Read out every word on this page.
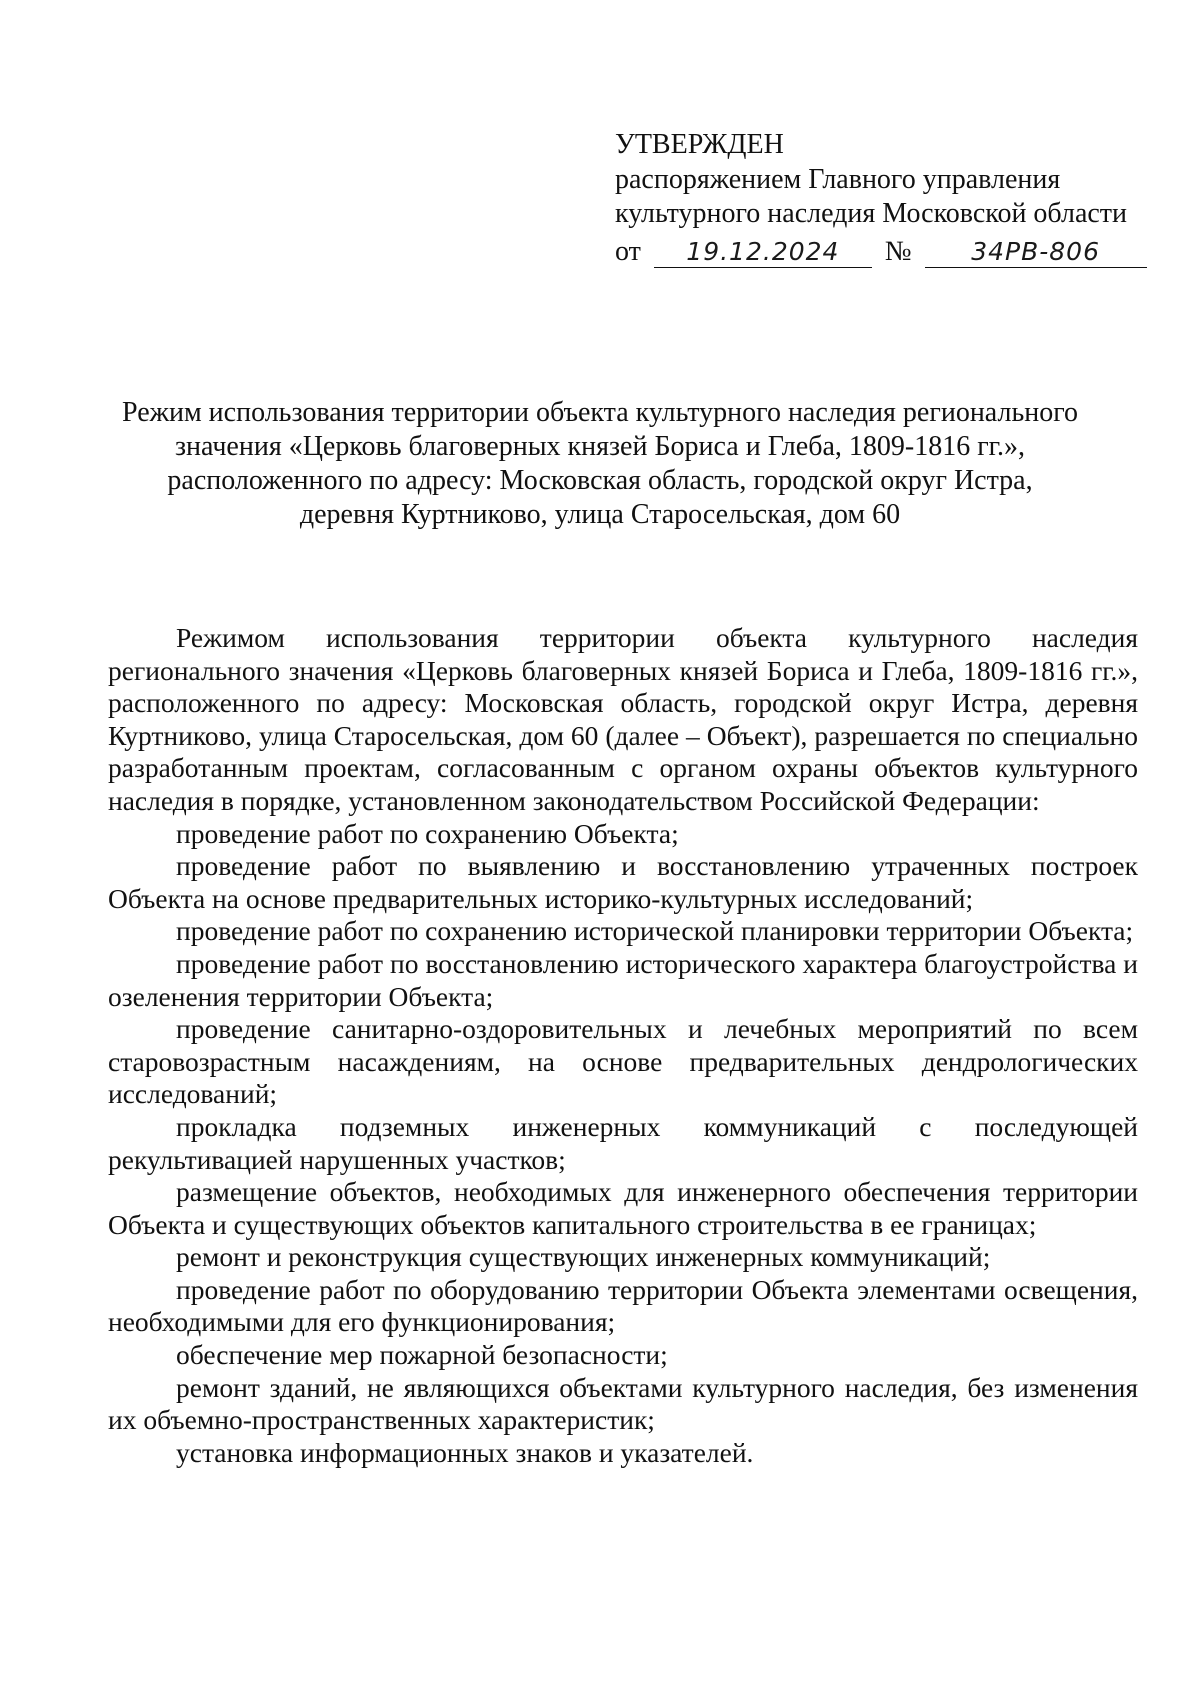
УТВЕРЖДЕН
распоряжением Главного управления
культурного наследия Московской области
от 19.12.2024 № 34РВ-806
Режим использования территории объекта культурного наследия регионального
значения «Церковь благоверных князей Бориса и Глеба, 1809-1816 гг.»,
расположенного по адресу: Московская область, городской округ Истра,
деревня Куртниково, улица Старосельская, дом 60

Режимом использования территории объекта культурного наследия регионального значения «Церковь благоверных князей Бориса и Глеба, 1809-1816 гг.», расположенного по адресу: Московская область, городской округ Истра, деревня Куртниково, улица Старосельская, дом 60 (далее – Объект), разрешается по специально разработанным проектам, согласованным с органом охраны объектов культурного наследия в порядке, установленном законодательством Российской Федерации:

проведение работ по сохранению Объекта;

проведение работ по выявлению и восстановлению утраченных построек Объекта на основе предварительных историко-культурных исследований;

проведение работ по сохранению исторической планировки территории Объекта;

проведение работ по восстановлению исторического характера благоустройства и озеленения территории Объекта;

проведение санитарно-оздоровительных и лечебных мероприятий по всем старовозрастным насаждениям, на основе предварительных дендрологических исследований;

прокладка подземных инженерных коммуникаций с последующей рекультивацией нарушенных участков;

размещение объектов, необходимых для инженерного обеспечения территории Объекта и существующих объектов капитального строительства в ее границах;

ремонт и реконструкция существующих инженерных коммуникаций;

проведение работ по оборудованию территории Объекта элементами освещения, необходимыми для его функционирования;

обеспечение мер пожарной безопасности;

ремонт зданий, не являющихся объектами культурного наследия, без изменения их объемно-пространственных характеристик;

установка информационных знаков и указателей.
